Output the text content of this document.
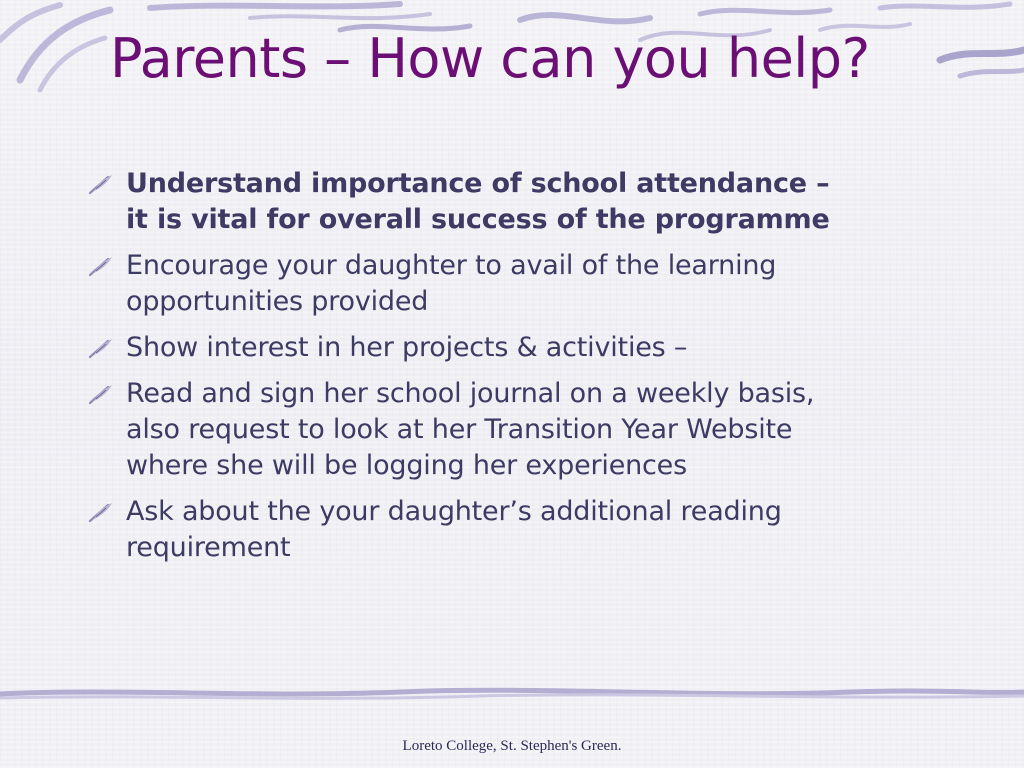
Parents – How can you help?
Understand importance of school attendance –
it is vital for overall success of the programme
Encourage your daughter to avail of the learning
opportunities provided
Show interest in her projects & activities –
Read and sign her school journal on a weekly basis,
also request to look at her Transition Year Website
where she will be logging her experiences
Ask about the your daughter’s additional reading
requirement
Loreto College, St. Stephen's Green.
